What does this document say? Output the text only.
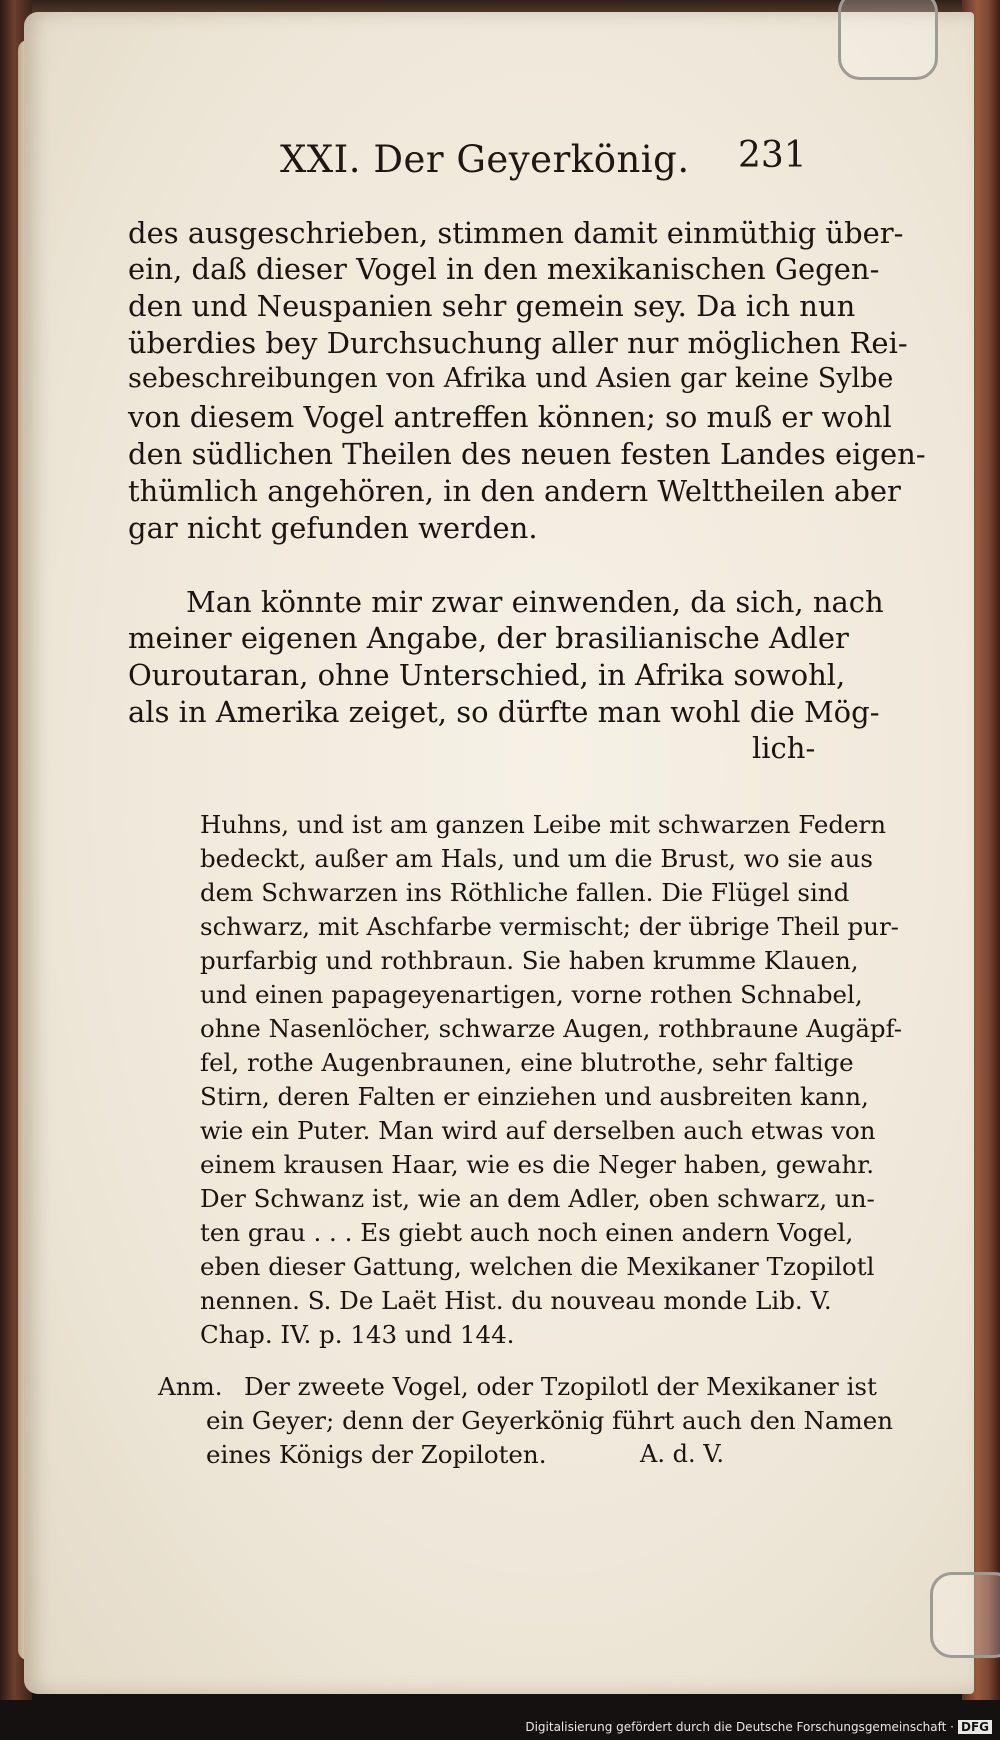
XXI. Der Geyerkönig. 231
des ausgeschrieben, stimmen damit einmüthig über-
ein, daß dieser Vogel in den mexikanischen Gegen-
den und Neuspanien sehr gemein sey. Da ich nun
überdies bey Durchsuchung aller nur möglichen Rei-
sebeschreibungen von Afrika und Asien gar keine Sylbe
von diesem Vogel antreffen können; so muß er wohl
den südlichen Theilen des neuen festen Landes eigen-
thümlich angehören, in den andern Welttheilen aber
gar nicht gefunden werden.
Man könnte mir zwar einwenden, da sich, nach
meiner eigenen Angabe, der brasilianische Adler
Ouroutaran, ohne Unterschied, in Afrika sowohl,
als in Amerika zeiget, so dürfte man wohl die Mög-
lich-
Huhns, und ist am ganzen Leibe mit schwarzen Federn
bedeckt, außer am Hals, und um die Brust, wo sie aus
dem Schwarzen ins Röthliche fallen. Die Flügel sind
schwarz, mit Aschfarbe vermischt; der übrige Theil pur-
purfarbig und rothbraun. Sie haben krumme Klauen,
und einen papageyenartigen, vorne rothen Schnabel,
ohne Nasenlöcher, schwarze Augen, rothbraune Augäpf-
fel, rothe Augenbraunen, eine blutrothe, sehr faltige
Stirn, deren Falten er einziehen und ausbreiten kann,
wie ein Puter. Man wird auf derselben auch etwas von
einem krausen Haar, wie es die Neger haben, gewahr.
Der Schwanz ist, wie an dem Adler, oben schwarz, un-
ten grau . . . Es giebt auch noch einen andern Vogel,
eben dieser Gattung, welchen die Mexikaner Tzopilotl
nennen. S. De Laët Hist. du nouveau monde Lib. V.
Chap. IV. p. 143 und 144.
Anm. Der zweete Vogel, oder Tzopilotl der Mexikaner ist
ein Geyer; denn der Geyerkönig führt auch den Namen
eines Königs der Zopiloten.	A. d. V.
Digitalisierung gefördert durch die Deutsche Forschungsgemeinschaft · DFG
